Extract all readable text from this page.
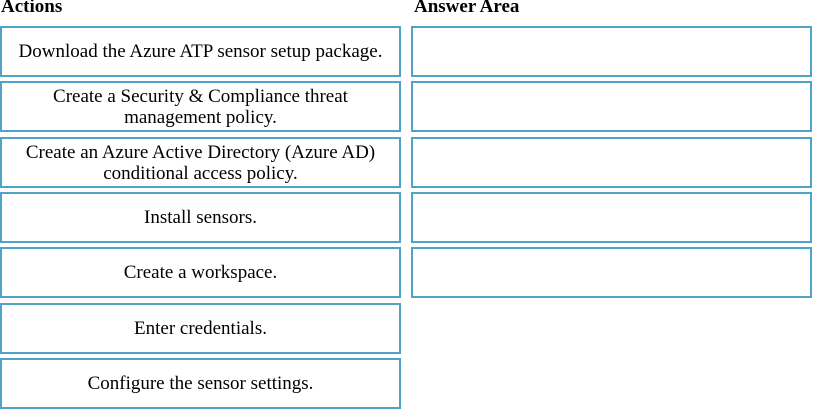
Actions	Answer Area
Download the Azure ATP sensor setup package.
Create a Security & Compliance threat management policy.
Create an Azure Active Directory (Azure AD) conditional access policy.
Install sensors.
Create a workspace.
Enter credentials.
Configure the sensor settings.
